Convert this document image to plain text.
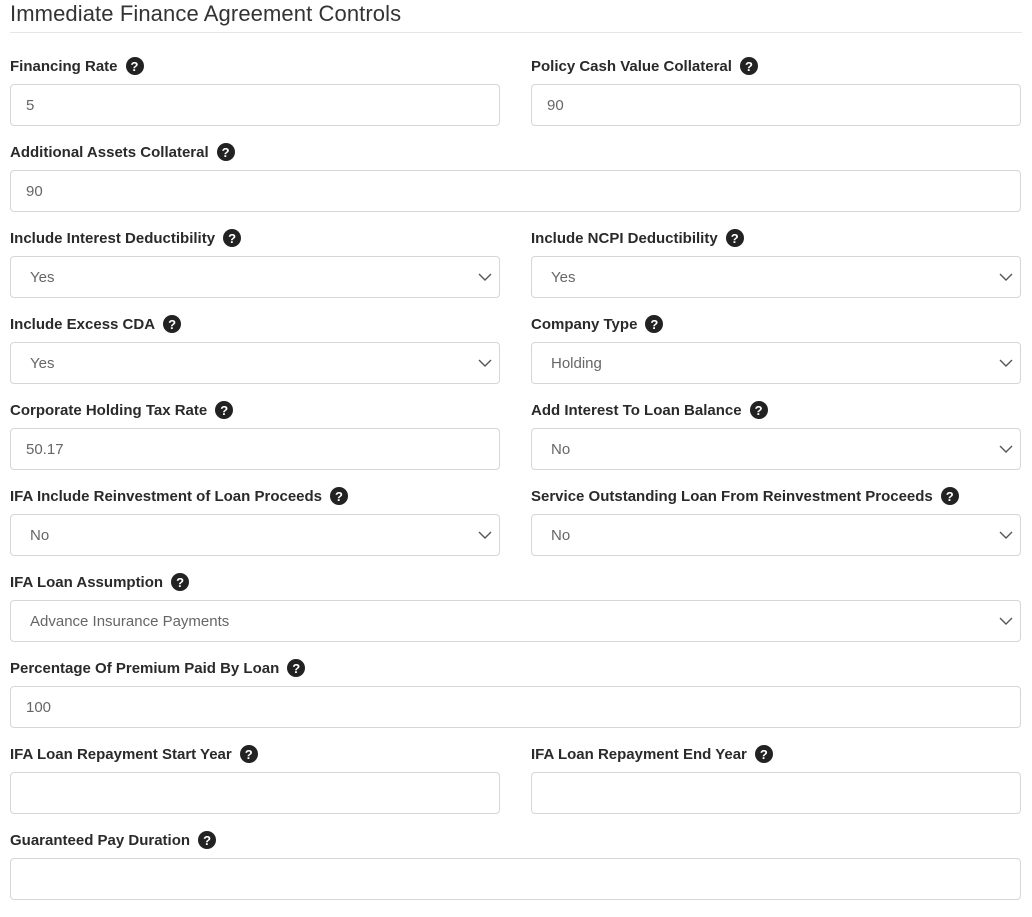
Immediate Finance Agreement Controls
Financing Rate	?
5
Policy Cash Value Collateral	?
90
Additional Assets Collateral	?
90
Include Interest Deductibility	?
Yes
Include NCPI Deductibility	?
Yes
Include Excess CDA	?
Yes
Company Type	?
Holding
Corporate Holding Tax Rate	?
50.17
Add Interest To Loan Balance	?
No
IFA Include Reinvestment of Loan Proceeds	?
No
Service Outstanding Loan From Reinvestment Proceeds	?
No
IFA Loan Assumption	?
Advance Insurance Payments
Percentage Of Premium Paid By Loan	?
100
IFA Loan Repayment Start Year	?	IFA Loan Repayment End Year	?
Guaranteed Pay Duration	?
